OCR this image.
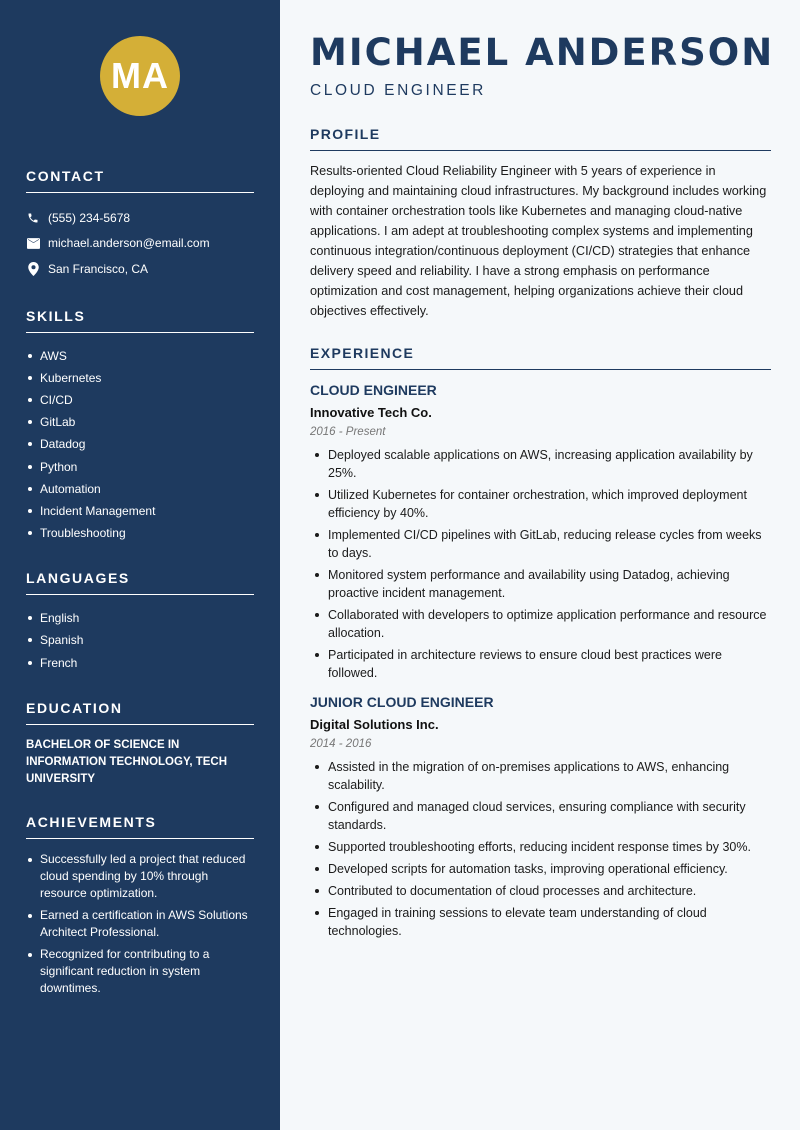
MA
CONTACT
(555) 234-5678
michael.anderson@email.com
San Francisco, CA
SKILLS
AWS
Kubernetes
CI/CD
GitLab
Datadog
Python
Automation
Incident Management
Troubleshooting
LANGUAGES
English
Spanish
French
EDUCATION
BACHELOR OF SCIENCE IN INFORMATION TECHNOLOGY, TECH UNIVERSITY
ACHIEVEMENTS
Successfully led a project that reduced cloud spending by 10% through resource optimization.
Earned a certification in AWS Solutions Architect Professional.
Recognized for contributing to a significant reduction in system downtimes.
MICHAEL ANDERSON
CLOUD ENGINEER
PROFILE

Results-oriented Cloud Reliability Engineer with 5 years of experience in deploying and maintaining cloud infrastructures. My background includes working with container orchestration tools like Kubernetes and managing cloud-native applications. I am adept at troubleshooting complex systems and implementing continuous integration/continuous deployment (CI/CD) strategies that enhance delivery speed and reliability. I have a strong emphasis on performance optimization and cost management, helping organizations achieve their cloud objectives effectively.

EXPERIENCE
CLOUD ENGINEER
Innovative Tech Co.
2016 - Present
Deployed scalable applications on AWS, increasing application availability by 25%.
Utilized Kubernetes for container orchestration, which improved deployment efficiency by 40%.
Implemented CI/CD pipelines with GitLab, reducing release cycles from weeks to days.
Monitored system performance and availability using Datadog, achieving proactive incident management.
Collaborated with developers to optimize application performance and resource allocation.
Participated in architecture reviews to ensure cloud best practices were followed.
JUNIOR CLOUD ENGINEER
Digital Solutions Inc.
2014 - 2016
Assisted in the migration of on-premises applications to AWS, enhancing scalability.
Configured and managed cloud services, ensuring compliance with security standards.
Supported troubleshooting efforts, reducing incident response times by 30%.
Developed scripts for automation tasks, improving operational efficiency.
Contributed to documentation of cloud processes and architecture.
Engaged in training sessions to elevate team understanding of cloud technologies.
